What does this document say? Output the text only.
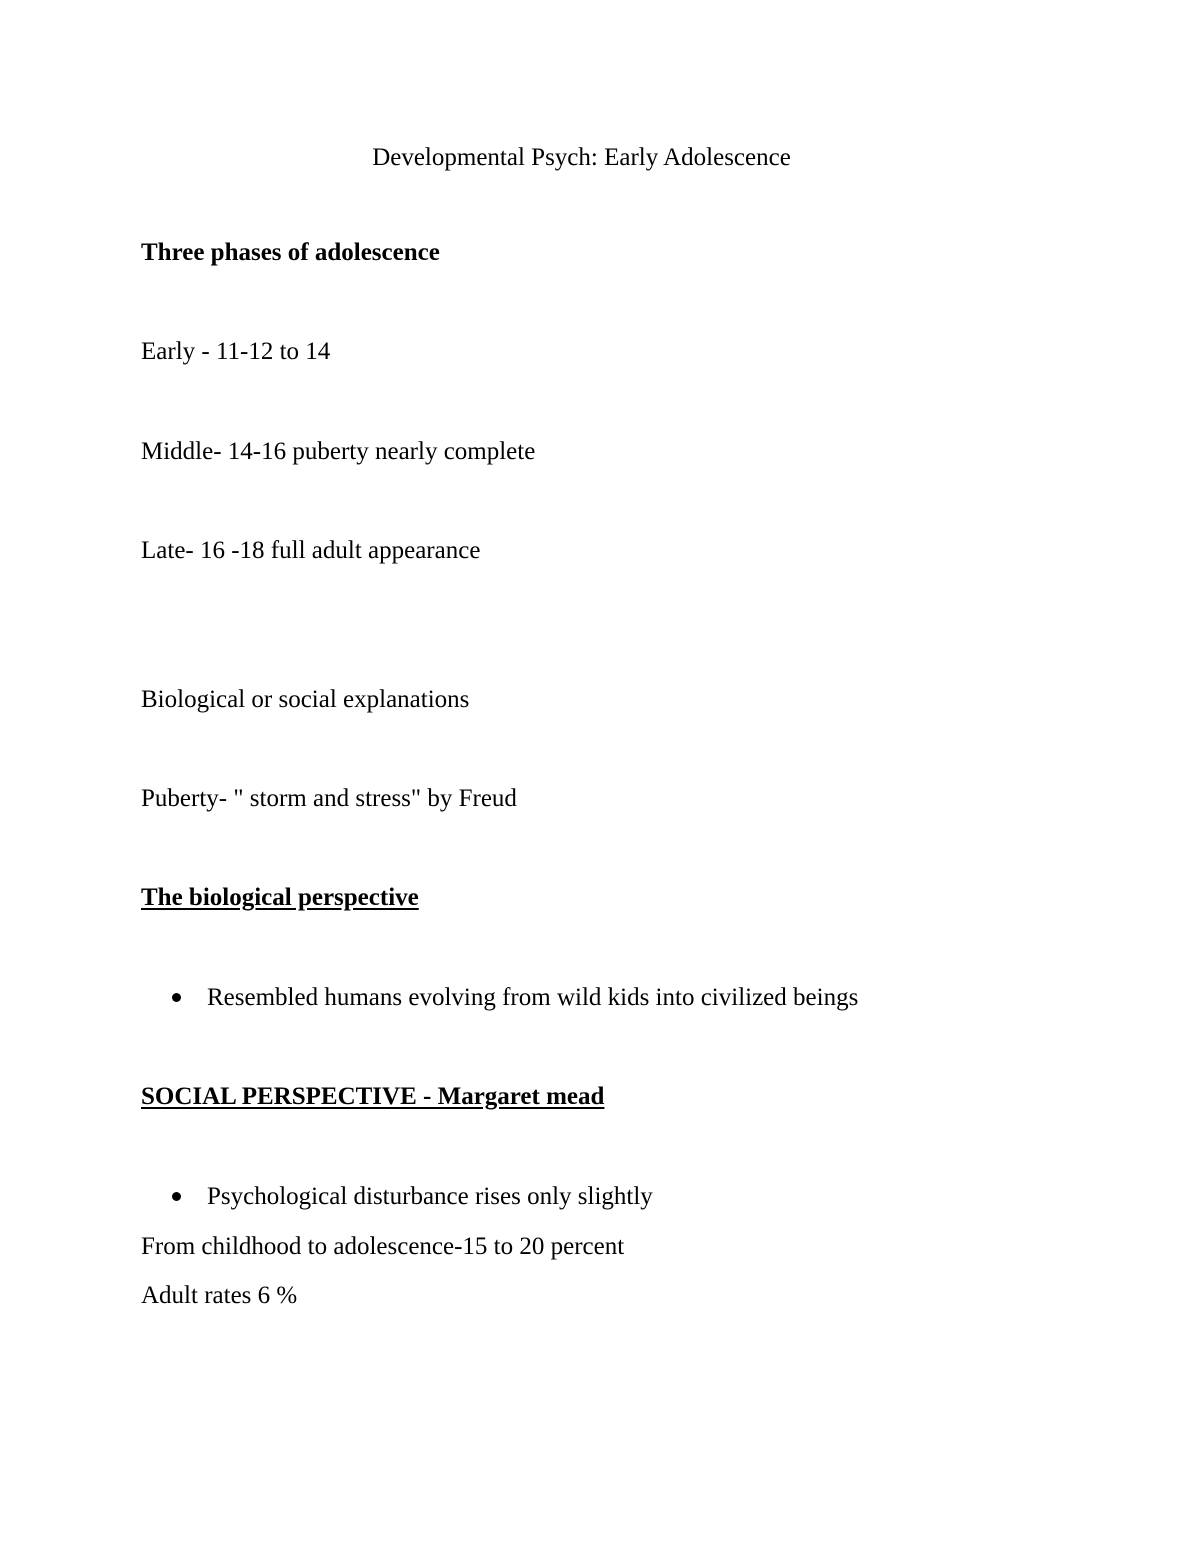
Developmental Psych: Early Adolescence
Three phases of adolescence
Early - 11-12 to 14
Middle- 14-16 puberty nearly complete
Late- 16 -18 full adult appearance
Biological or social explanations
Puberty- " storm and stress" by Freud
The biological perspective
Resembled humans evolving from wild kids into civilized beings
SOCIAL PERSPECTIVE - Margaret mead
Psychological disturbance rises only slightly
From childhood to adolescence-15 to 20 percent
Adult rates 6 %
